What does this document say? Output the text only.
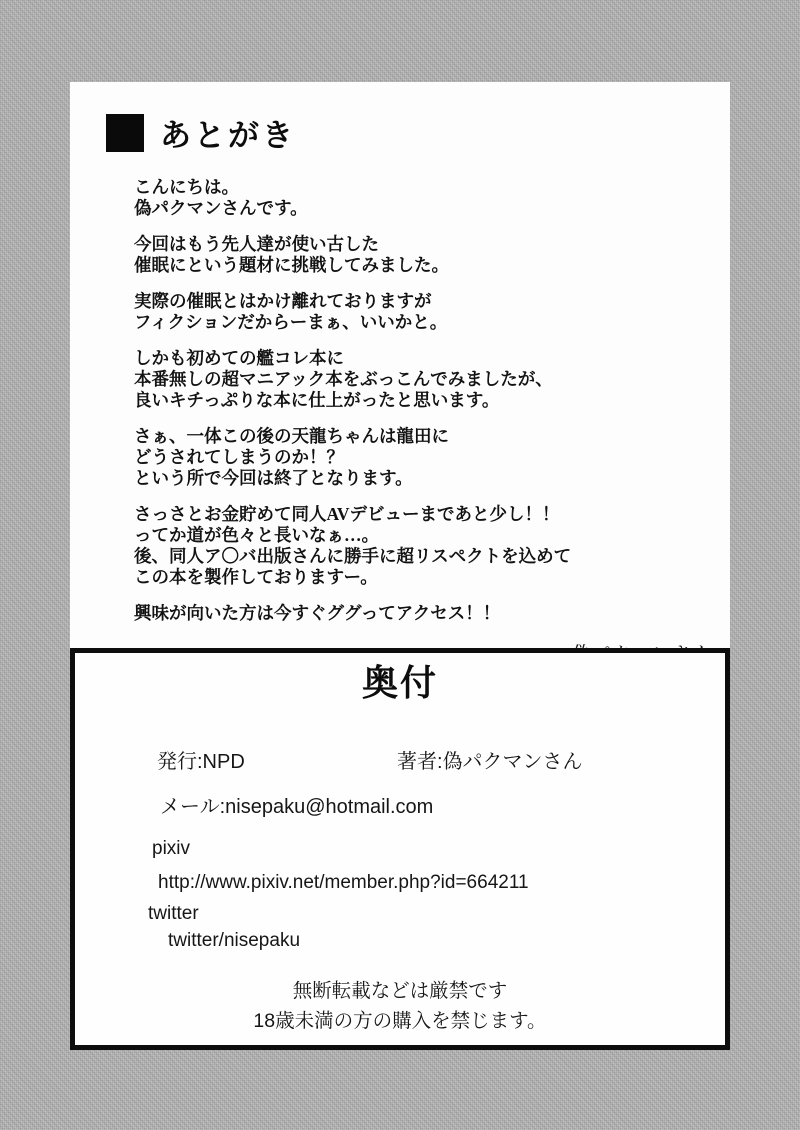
あとがき

こんにちは。
偽パクマンさんです。

今回はもう先人達が使い古した
催眠にという題材に挑戦してみました。

実際の催眠とはかけ離れておりますが
フィクションだからーまぁ、いいかと。

しかも初めての艦コレ本に
本番無しの超マニアック本をぶっこんでみましたが、
良いキチっぷりな本に仕上がったと思います。

さぁ、一体この後の天龍ちゃんは龍田に
どうされてしまうのか！？
という所で今回は終了となります。

さっさとお金貯めて同人AVデビューまであと少し！！
ってか道が色々と長いなぁ…。
後、同人ア〇バ出版さんに勝手に超リスペクトを込めて
この本を製作しておりますー。

興味が向いた方は今すぐググってアクセス！！

奥付
発行:NPD	著者:偽パクマンさん
メール:nisepaku@hotmail.com
pixiv
http://www.pixiv.net/member.php?id=664211
twitter
twitter/nisepaku
無断転載などは厳禁です
18歳未満の方の購入を禁じます。
